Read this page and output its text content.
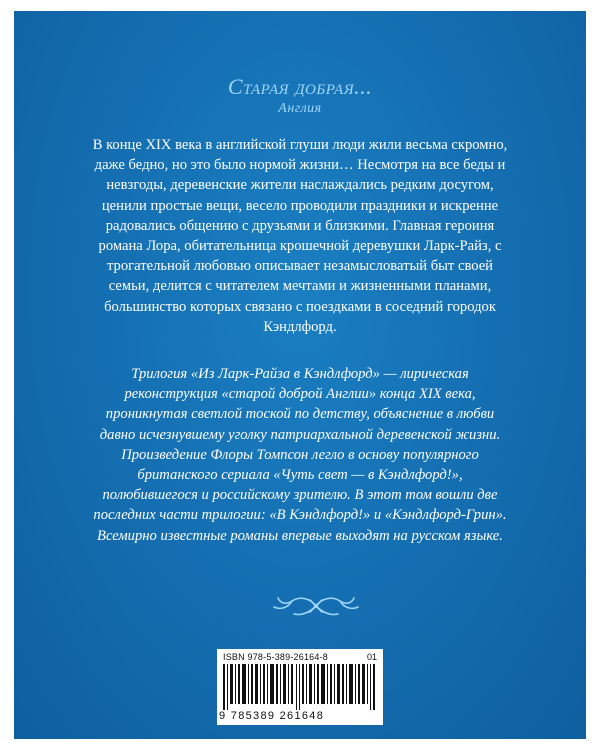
Старая добрая...
Англия
В конце XIX века в английской глуши люди жили весьма скромно, даже бедно, но это было нормой жизни… Несмотря на все беды и невзгоды, деревенские жители наслаждались редким досугом, ценили простые вещи, весело проводили праздники и искренне радовались общению с друзьями и близкими. Главная героиня романа Лора, обитательница крошечной деревушки Ларк-Райз, с трогательной любовью описывает незамысловатый быт своей семьи, делится с читателем мечтами и жизненными планами, большинство которых связано с поездками в соседний городок Кэндлфорд.
Трилогия «Из Ларк-Райза в Кэндлфорд» — лирическая реконструкция «старой доброй Англии» конца XIX века, проникнутая светлой тоской по детству, объяснение в любви давно исчезнувшему уголку патриархальной деревенской жизни. Произведение Флоры Томпсон легло в основу популярного британского сериала «Чуть свет — в Кэндлфорд!», полюбившегося и российскому зрителю. В этот том вошли две последних части трилогии: «В Кэндлфорд!» и «Кэндлфорд-Грин». Всемирно известные романы впервые выходят на русском языке.
ISBN 978-5-389-26164-8	01
9 785389 261648
